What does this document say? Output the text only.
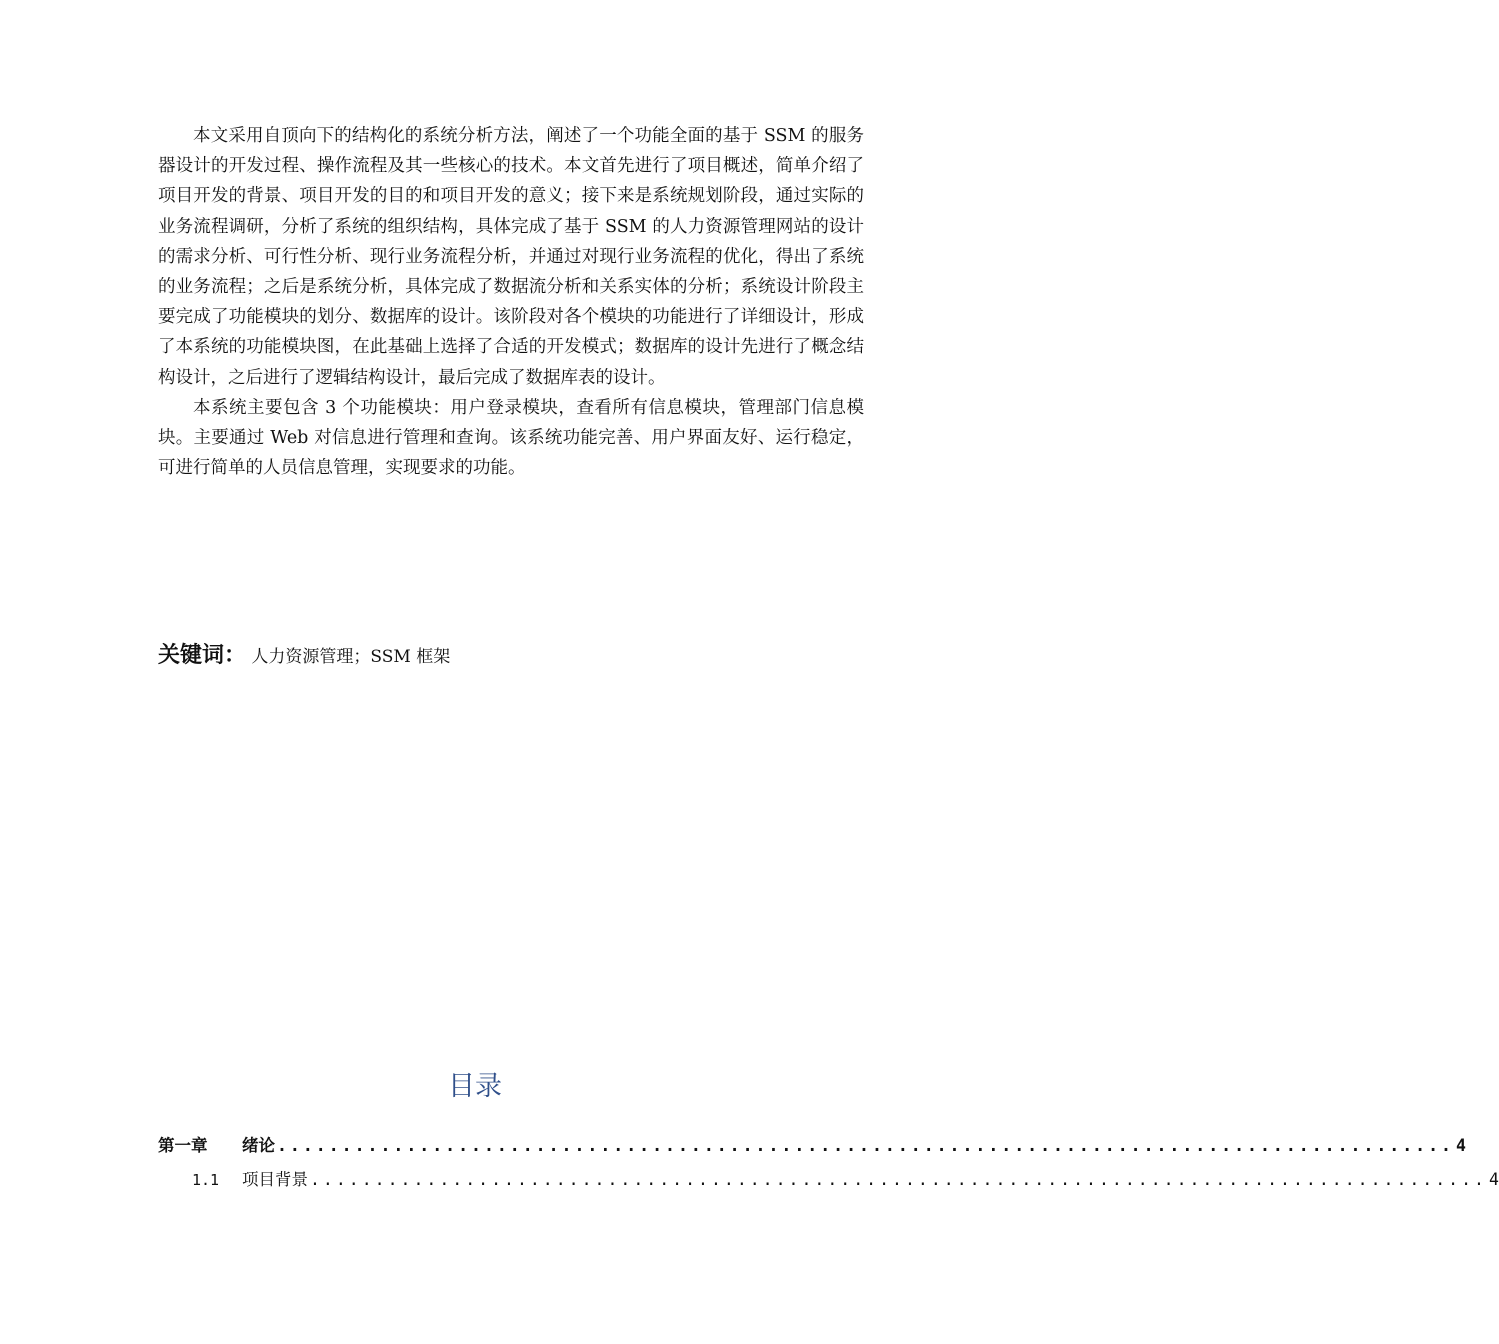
本文采用自顶向下的结构化的系统分析方法，阐述了一个功能全面的基于 SSM 的服务器设计的开发过程、操作流程及其一些核心的技术。本文首先进行了项目概述，简单介绍了项目开发的背景、项目开发的目的和项目开发的意义；接下来是系统规划阶段，通过实际的业务流程调研，分析了系统的组织结构，具体完成了基于 SSM 的人力资源管理网站的设计的需求分析、可行性分析、现行业务流程分析，并通过对现行业务流程的优化，得出了系统的业务流程；之后是系统分析，具体完成了数据流分析和关系实体的分析；系统设计阶段主要完成了功能模块的划分、数据库的设计。该阶段对各个模块的功能进行了详细设计，形成了本系统的功能模块图，在此基础上选择了合适的开发模式；数据库的设计先进行了概念结构设计，之后进行了逻辑结构设计，最后完成了数据库表的设计。

本系统主要包含 3 个功能模块：用户登录模块，查看所有信息模块，管理部门信息模块。主要通过 Web 对信息进行管理和查询。该系统功能完善、用户界面友好、运行稳定，可进行简单的人员信息管理，实现要求的功能。

关键词： 人力资源管理；SSM 框架
目录
第一章	绪论 ........................................................................................... 4
1.1	项目背景 ........................................................................................... 4
